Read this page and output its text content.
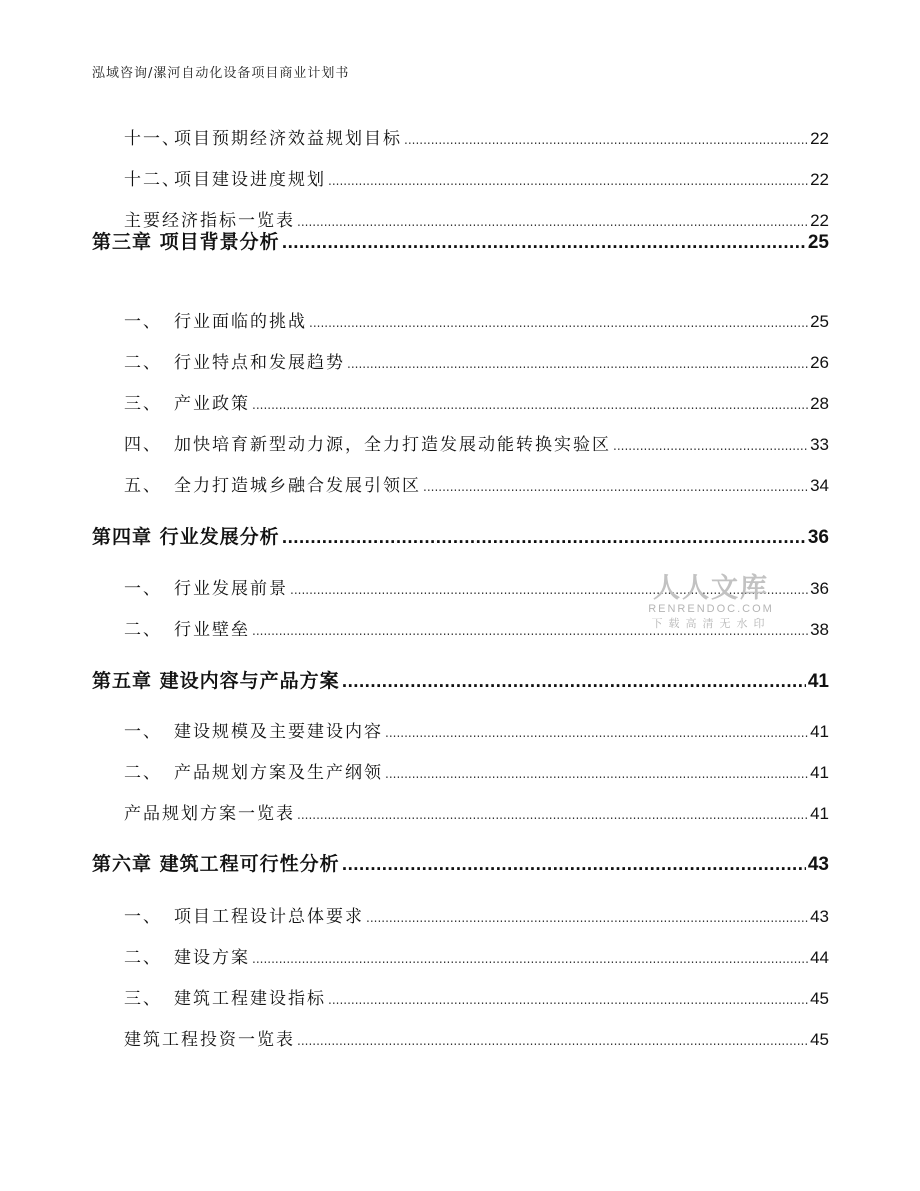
泓域咨询/漯河自动化设备项目商业计划书
十一、项目预期经济效益规划目标 .....	22
十二、项目建设进度规划 .....	22
主要经济指标一览表 .....	22
第三章 项目背景分析 .....	25
一、 行业面临的挑战 .....	25
二、 行业特点和发展趋势 .....	26
三、 产业政策 .....	28
四、 加快培育新型动力源，全力打造发展动能转换实验区 .....	33
五、 全力打造城乡融合发展引领区 .....	34
第四章 行业发展分析 .....	36
一、 行业发展前景 .....	36
二、 行业壁垒 .....	38
第五章 建设内容与产品方案 .....	41
一、 建设规模及主要建设内容 .....	41
二、 产品规划方案及生产纲领 .....	41
产品规划方案一览表 .....	41
第六章 建筑工程可行性分析 .....	43
一、 项目工程设计总体要求 .....	43
二、 建设方案 .....	44
三、 建筑工程建设指标 .....	45
建筑工程投资一览表 .....	45
人人文库
RENRENDOC.COM
下载高清无水印
